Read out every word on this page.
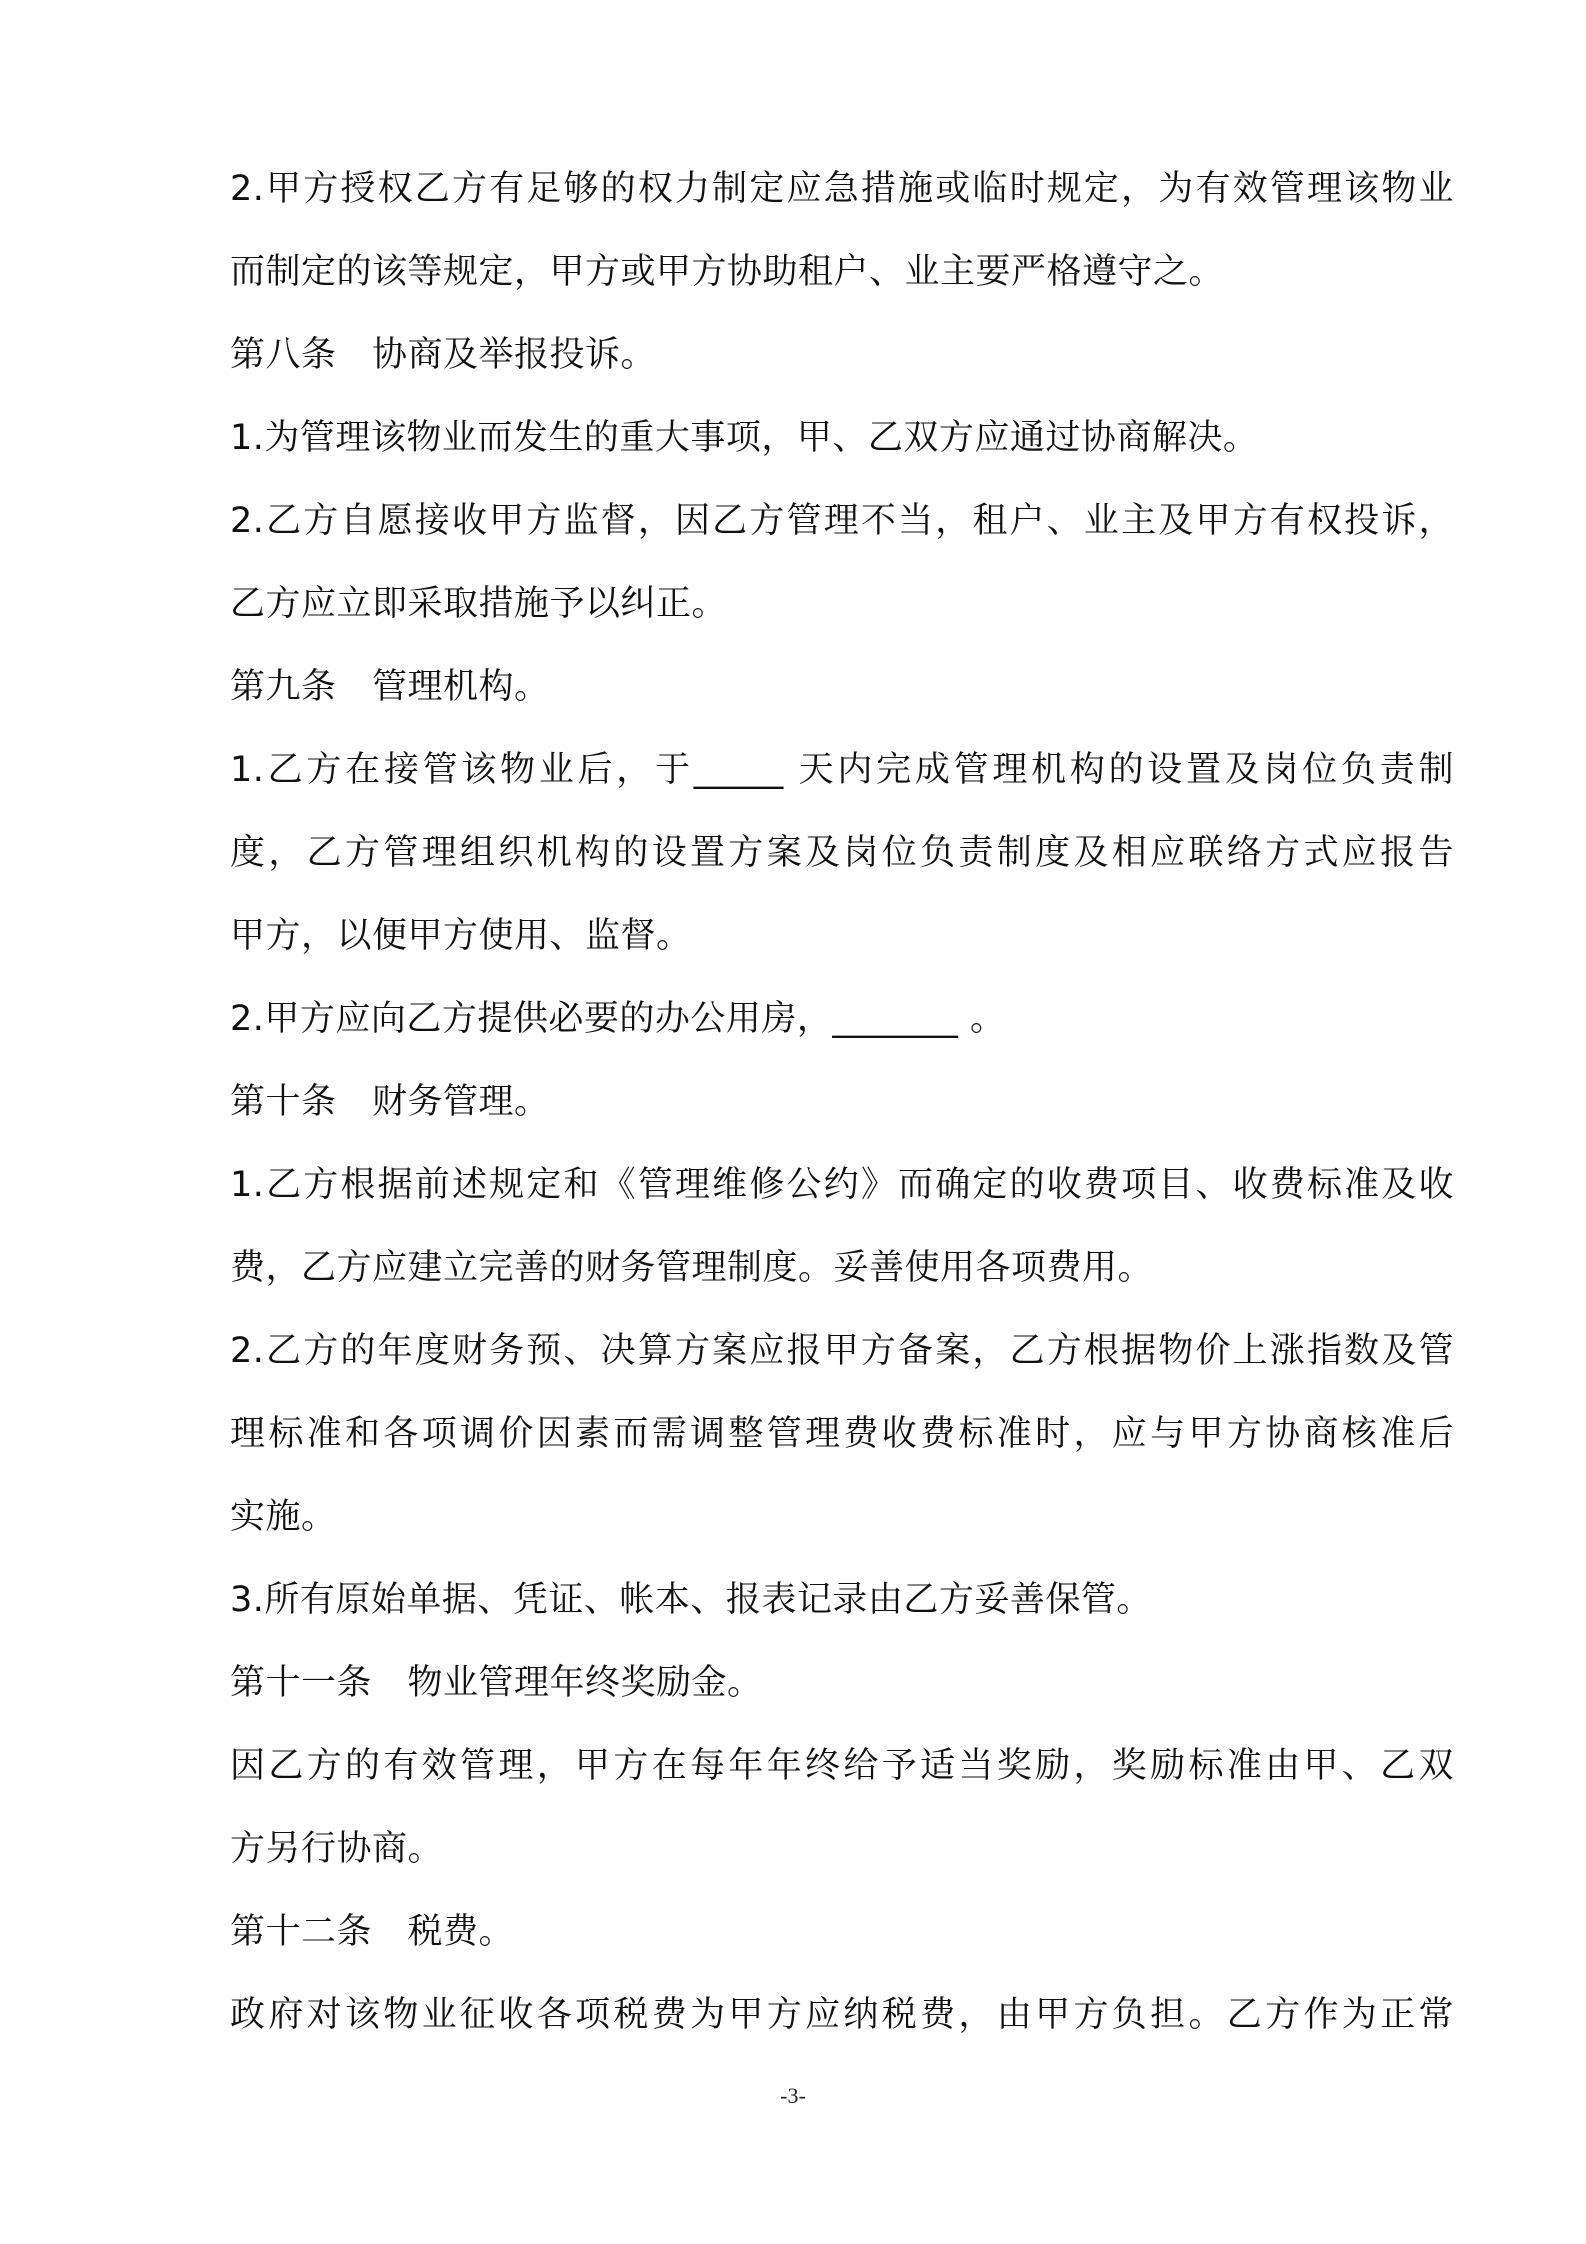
2.甲方授权乙方有足够的权力制定应急措施或临时规定，为有效管理该物业
而制定的该等规定，甲方或甲方协助租户、业主要严格遵守之。
第八条　协商及举报投诉。
1.为管理该物业而发生的重大事项，甲、乙双方应通过协商解决。
2.乙方自愿接收甲方监督，因乙方管理不当，租户、业主及甲方有权投诉，
乙方应立即采取措施予以纠正。
第九条　管理机构。
1.乙方在接管该物业后，于_____ 天内完成管理机构的设置及岗位负责制
度，乙方管理组织机构的设置方案及岗位负责制度及相应联络方式应报告
甲方，以便甲方使用、监督。
2.甲方应向乙方提供必要的办公用房，_______ 。
第十条　财务管理。
1.乙方根据前述规定和《管理维修公约》而确定的收费项目、收费标准及收
费，乙方应建立完善的财务管理制度。妥善使用各项费用。
2.乙方的年度财务预、决算方案应报甲方备案，乙方根据物价上涨指数及管
理标准和各项调价因素而需调整管理费收费标准时，应与甲方协商核准后
实施。
3.所有原始单据、凭证、帐本、报表记录由乙方妥善保管。
第十一条　物业管理年终奖励金。
因乙方的有效管理，甲方在每年年终给予适当奖励，奖励标准由甲、乙双
方另行协商。
第十二条　税费。
政府对该物业征收各项税费为甲方应纳税费，由甲方负担。乙方作为正常
-3-
